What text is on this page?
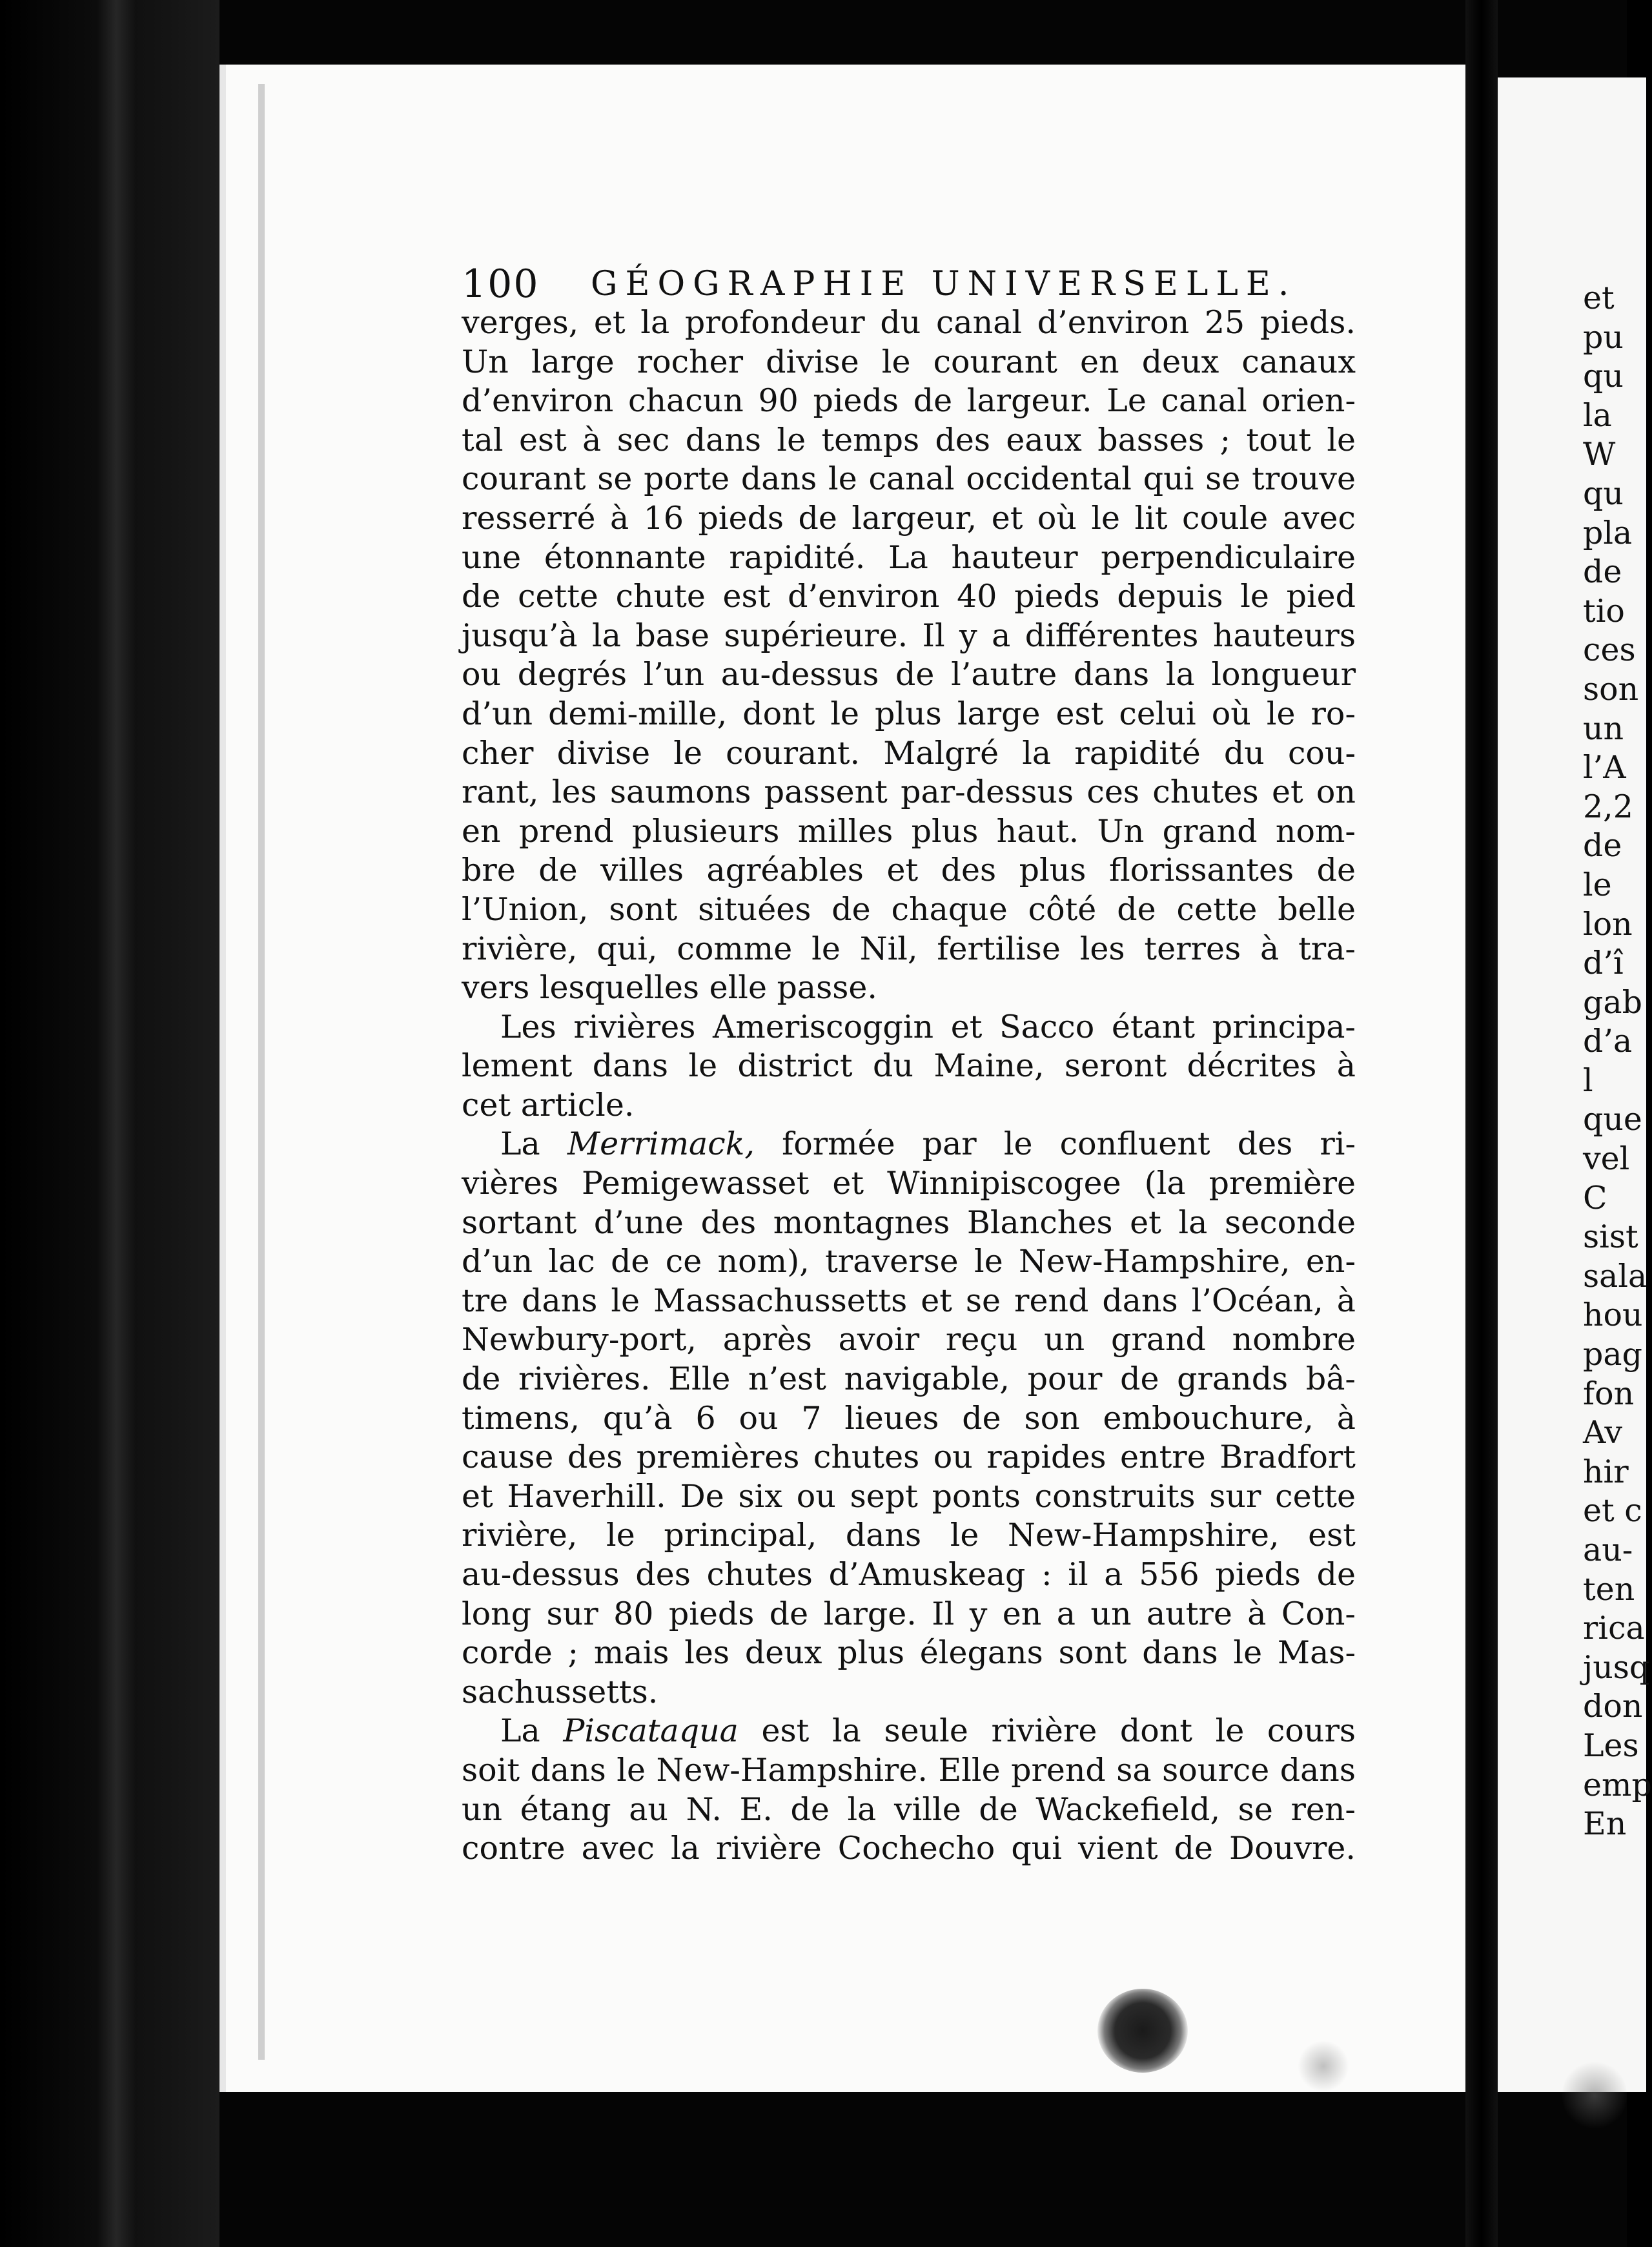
100 GÉOGRAPHIE UNIVERSELLE.
verges, et la profondeur du canal d’environ 25 pieds.
Un large rocher divise le courant en deux canaux
d’environ chacun 90 pieds de largeur. Le canal orien-
tal est à sec dans le temps des eaux basses ; tout le
courant se porte dans le canal occidental qui se trouve
resserré à 16 pieds de largeur, et où le lit coule avec
une étonnante rapidité. La hauteur perpendiculaire
de cette chute est d’environ 40 pieds depuis le pied
jusqu’à la base supérieure. Il y a différentes hauteurs
ou degrés l’un au-dessus de l’autre dans la longueur
d’un demi-mille, dont le plus large est celui où le ro-
cher divise le courant. Malgré la rapidité du cou-
rant, les saumons passent par-dessus ces chutes et on
en prend plusieurs milles plus haut. Un grand nom-
bre de villes agréables et des plus florissantes de
l’Union, sont situées de chaque côté de cette belle
rivière, qui, comme le Nil, fertilise les terres à tra-
vers lesquelles elle passe.
Les rivières Ameriscoggin et Sacco étant principa-
lement dans le district du Maine, seront décrites à
cet article.
La Merrimack, formée par le confluent des ri-
vières Pemigewasset et Winnipiscogee (la première
sortant d’une des montagnes Blanches et la seconde
d’un lac de ce nom), traverse le New-Hampshire, en-
tre dans le Massachussetts et se rend dans l’Océan, à
Newbury-port, après avoir reçu un grand nombre
de rivières. Elle n’est navigable, pour de grands bâ-
timens, qu’à 6 ou 7 lieues de son embouchure, à
cause des premières chutes ou rapides entre Bradfort
et Haverhill. De six ou sept ponts construits sur cette
rivière, le principal, dans le New-Hampshire, est
au-dessus des chutes d’Amuskeag : il a 556 pieds de
long sur 80 pieds de large. Il y en a un autre à Con-
corde ; mais les deux plus élegans sont dans le Mas-
sachussetts.
La Piscataqua est la seule rivière dont le cours
soit dans le New-Hampshire. Elle prend sa source dans
un étang au N. E. de la ville de Wackefield, se ren-
contre avec la rivière Cochecho qui vient de Douvre.
et
pu
qu
la
W
qu
pla
de
tio
ces
son
un
l’A
2,2
de
le
lon
d’î
gab
d’a
l
que
vel
C
sist
sala
hou
pag
fon
Av
hir
et c
au-
ten
rica
jusq
don
Les
emp
En
